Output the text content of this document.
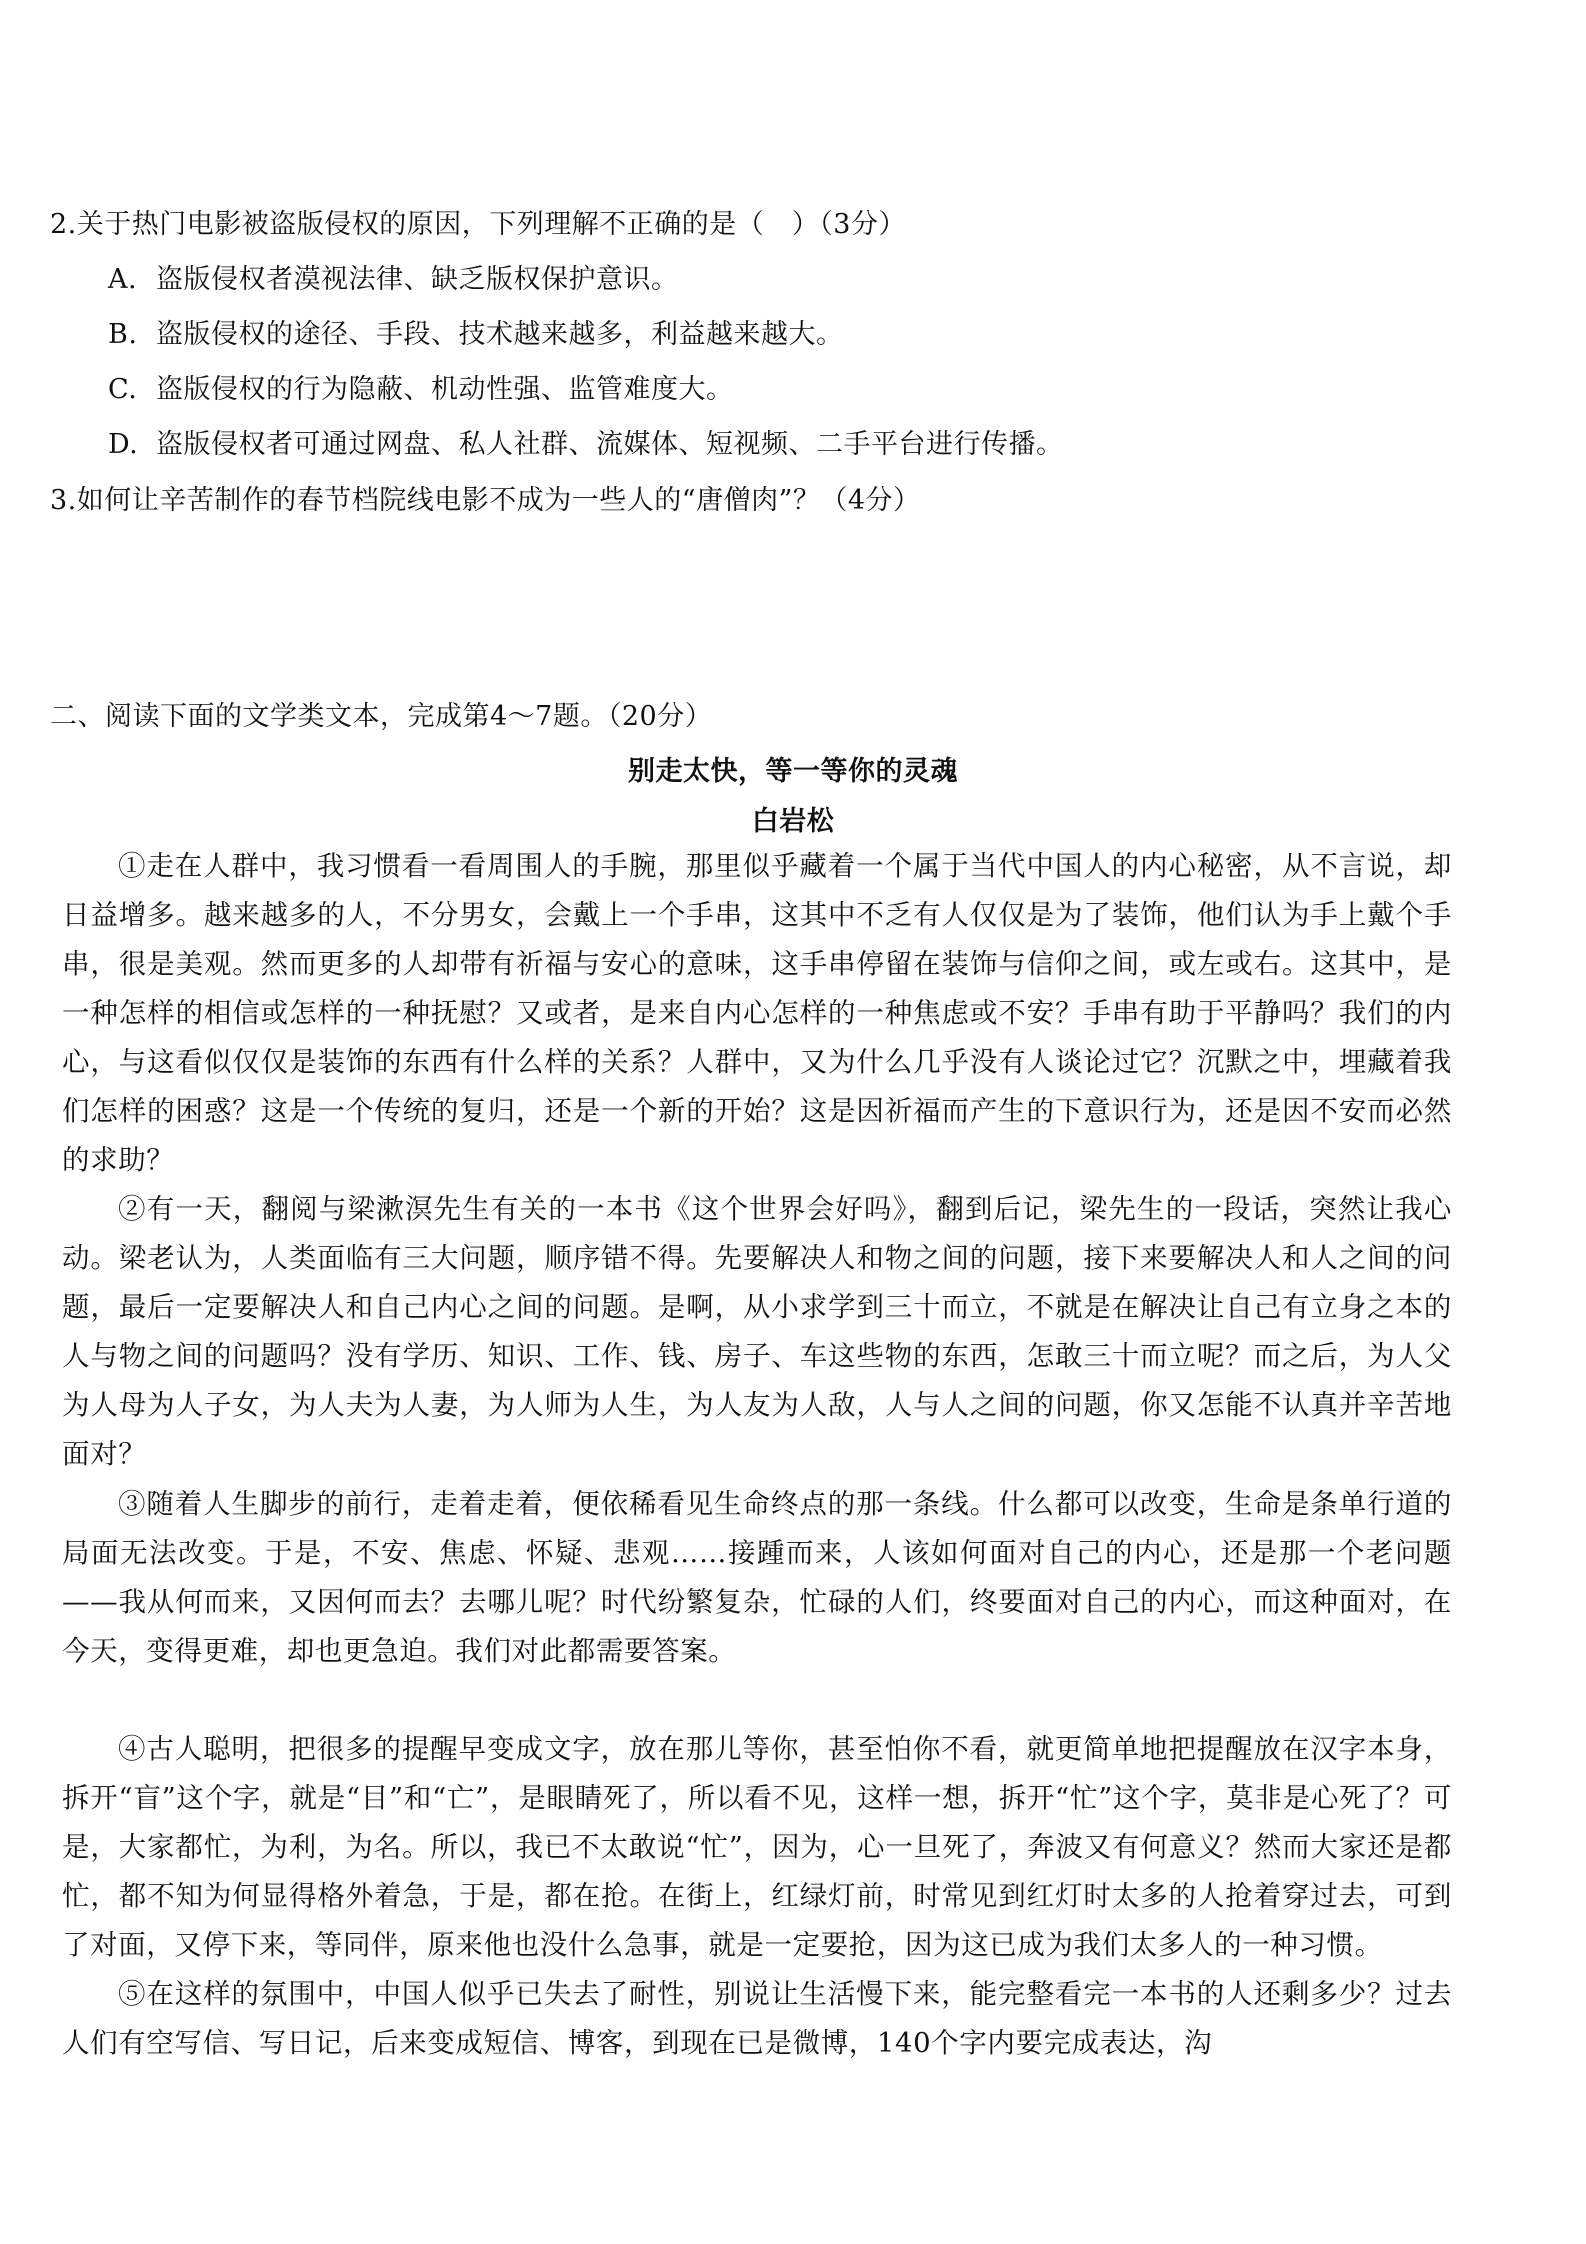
2.关于热门电影被盗版侵权的原因，下列理解不正确的是（　）（3分）
A. 盗版侵权者漠视法律、缺乏版权保护意识。
B. 盗版侵权的途径、手段、技术越来越多，利益越来越大。
C. 盗版侵权的行为隐蔽、机动性强、监管难度大。
D. 盗版侵权者可通过网盘、私人社群、流媒体、短视频、二手平台进行传播。
3.如何让辛苦制作的春节档院线电影不成为一些人的“唐僧肉”？（4分）
二、阅读下面的文学类文本，完成第4～7题。（20分）
别走太快，等一等你的灵魂
白岩松
①走在人群中，我习惯看一看周围人的手腕，那里似乎藏着一个属于当代中国人的内心秘密，从不言说，却日益增多。越来越多的人，不分男女，会戴上一个手串，这其中不乏有人仅仅是为了装饰，他们认为手上戴个手串，很是美观。然而更多的人却带有祈福与安心的意味，这手串停留在装饰与信仰之间，或左或右。这其中，是一种怎样的相信或怎样的一种抚慰？又或者，是来自内心怎样的一种焦虑或不安？手串有助于平静吗？我们的内心，与这看似仅仅是装饰的东西有什么样的关系？人群中，又为什么几乎没有人谈论过它？沉默之中，埋藏着我们怎样的困惑？这是一个传统的复归，还是一个新的开始？这是因祈福而产生的下意识行为，还是因不安而必然的求助？
②有一天，翻阅与梁漱溟先生有关的一本书《这个世界会好吗》，翻到后记，梁先生的一段话，突然让我心动。梁老认为，人类面临有三大问题，顺序错不得。先要解决人和物之间的问题，接下来要解决人和人之间的问题，最后一定要解决人和自己内心之间的问题。是啊，从小求学到三十而立，不就是在解决让自己有立身之本的人与物之间的问题吗？没有学历、知识、工作、钱、房子、车这些物的东西，怎敢三十而立呢？而之后，为人父为人母为人子女，为人夫为人妻，为人师为人生，为人友为人敌，人与人之间的问题，你又怎能不认真并辛苦地面对？
③随着人生脚步的前行，走着走着，便依稀看见生命终点的那一条线。什么都可以改变，生命是条单行道的局面无法改变。于是，不安、焦虑、怀疑、悲观……接踵而来，人该如何面对自己的内心，还是那一个老问题——我从何而来，又因何而去？去哪儿呢？时代纷繁复杂，忙碌的人们，终要面对自己的内心，而这种面对，在今天，变得更难，却也更急迫。我们对此都需要答案。
④古人聪明，把很多的提醒早变成文字，放在那儿等你，甚至怕你不看，就更简单地把提醒放在汉字本身，拆开“盲”这个字，就是“目”和“亡”，是眼睛死了，所以看不见，这样一想，拆开“忙”这个字，莫非是心死了？可是，大家都忙，为利，为名。所以，我已不太敢说“忙”，因为，心一旦死了，奔波又有何意义？然而大家还是都忙，都不知为何显得格外着急，于是，都在抢。在街上，红绿灯前，时常见到红灯时太多的人抢着穿过去，可到了对面，又停下来，等同伴，原来他也没什么急事，就是一定要抢，因为这已成为我们太多人的一种习惯。
⑤在这样的氛围中，中国人似乎已失去了耐性，别说让生活慢下来，能完整看完一本书的人还剩多少？过去人们有空写信、写日记，后来变成短信、博客，到现在已是微博，140个字内要完成表达，沟
